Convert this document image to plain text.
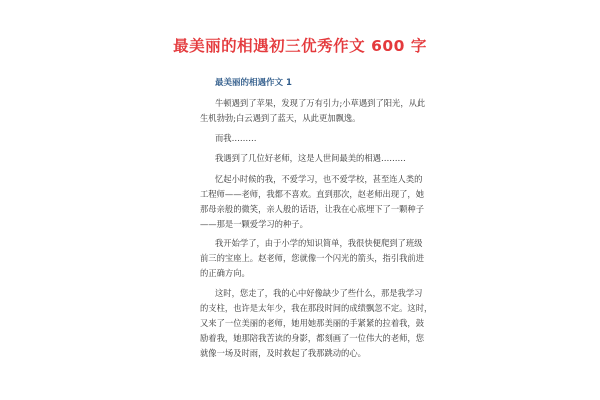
最美丽的相遇初三优秀作文 600 字
最美丽的相遇作文 1
牛顿遇到了苹果，发现了万有引力;小草遇到了阳光，从此
生机勃勃;白云遇到了蓝天，从此更加飘逸。
而我………
我遇到了几位好老师，这是人世间最美的相遇………
忆起小时候的我，不爱学习，也不爱学校，甚至连人类的
工程师——老师，我都不喜欢。直到那次，赵老师出现了，她
那母亲般的微笑，亲人般的话语，让我在心底埋下了一颗种子
——那是一颗爱学习的种子。
我开始学了，由于小学的知识简单，我很快便爬到了班级
前三的宝座上。赵老师，您就像一个闪光的箭头，指引我前进
的正确方向。
这时，您走了，我的心中好像缺少了些什么，那是我学习
的支柱，也许是太年少，我在那段时间的成绩飘忽不定。这时，
又来了一位美丽的老师，她用她那美丽的手紧紧的拉着我，鼓
励着我，她那陪我苦读的身影，都刻画了一位伟大的老师，您
就像一场及时雨，及时救起了我那跳动的心。
